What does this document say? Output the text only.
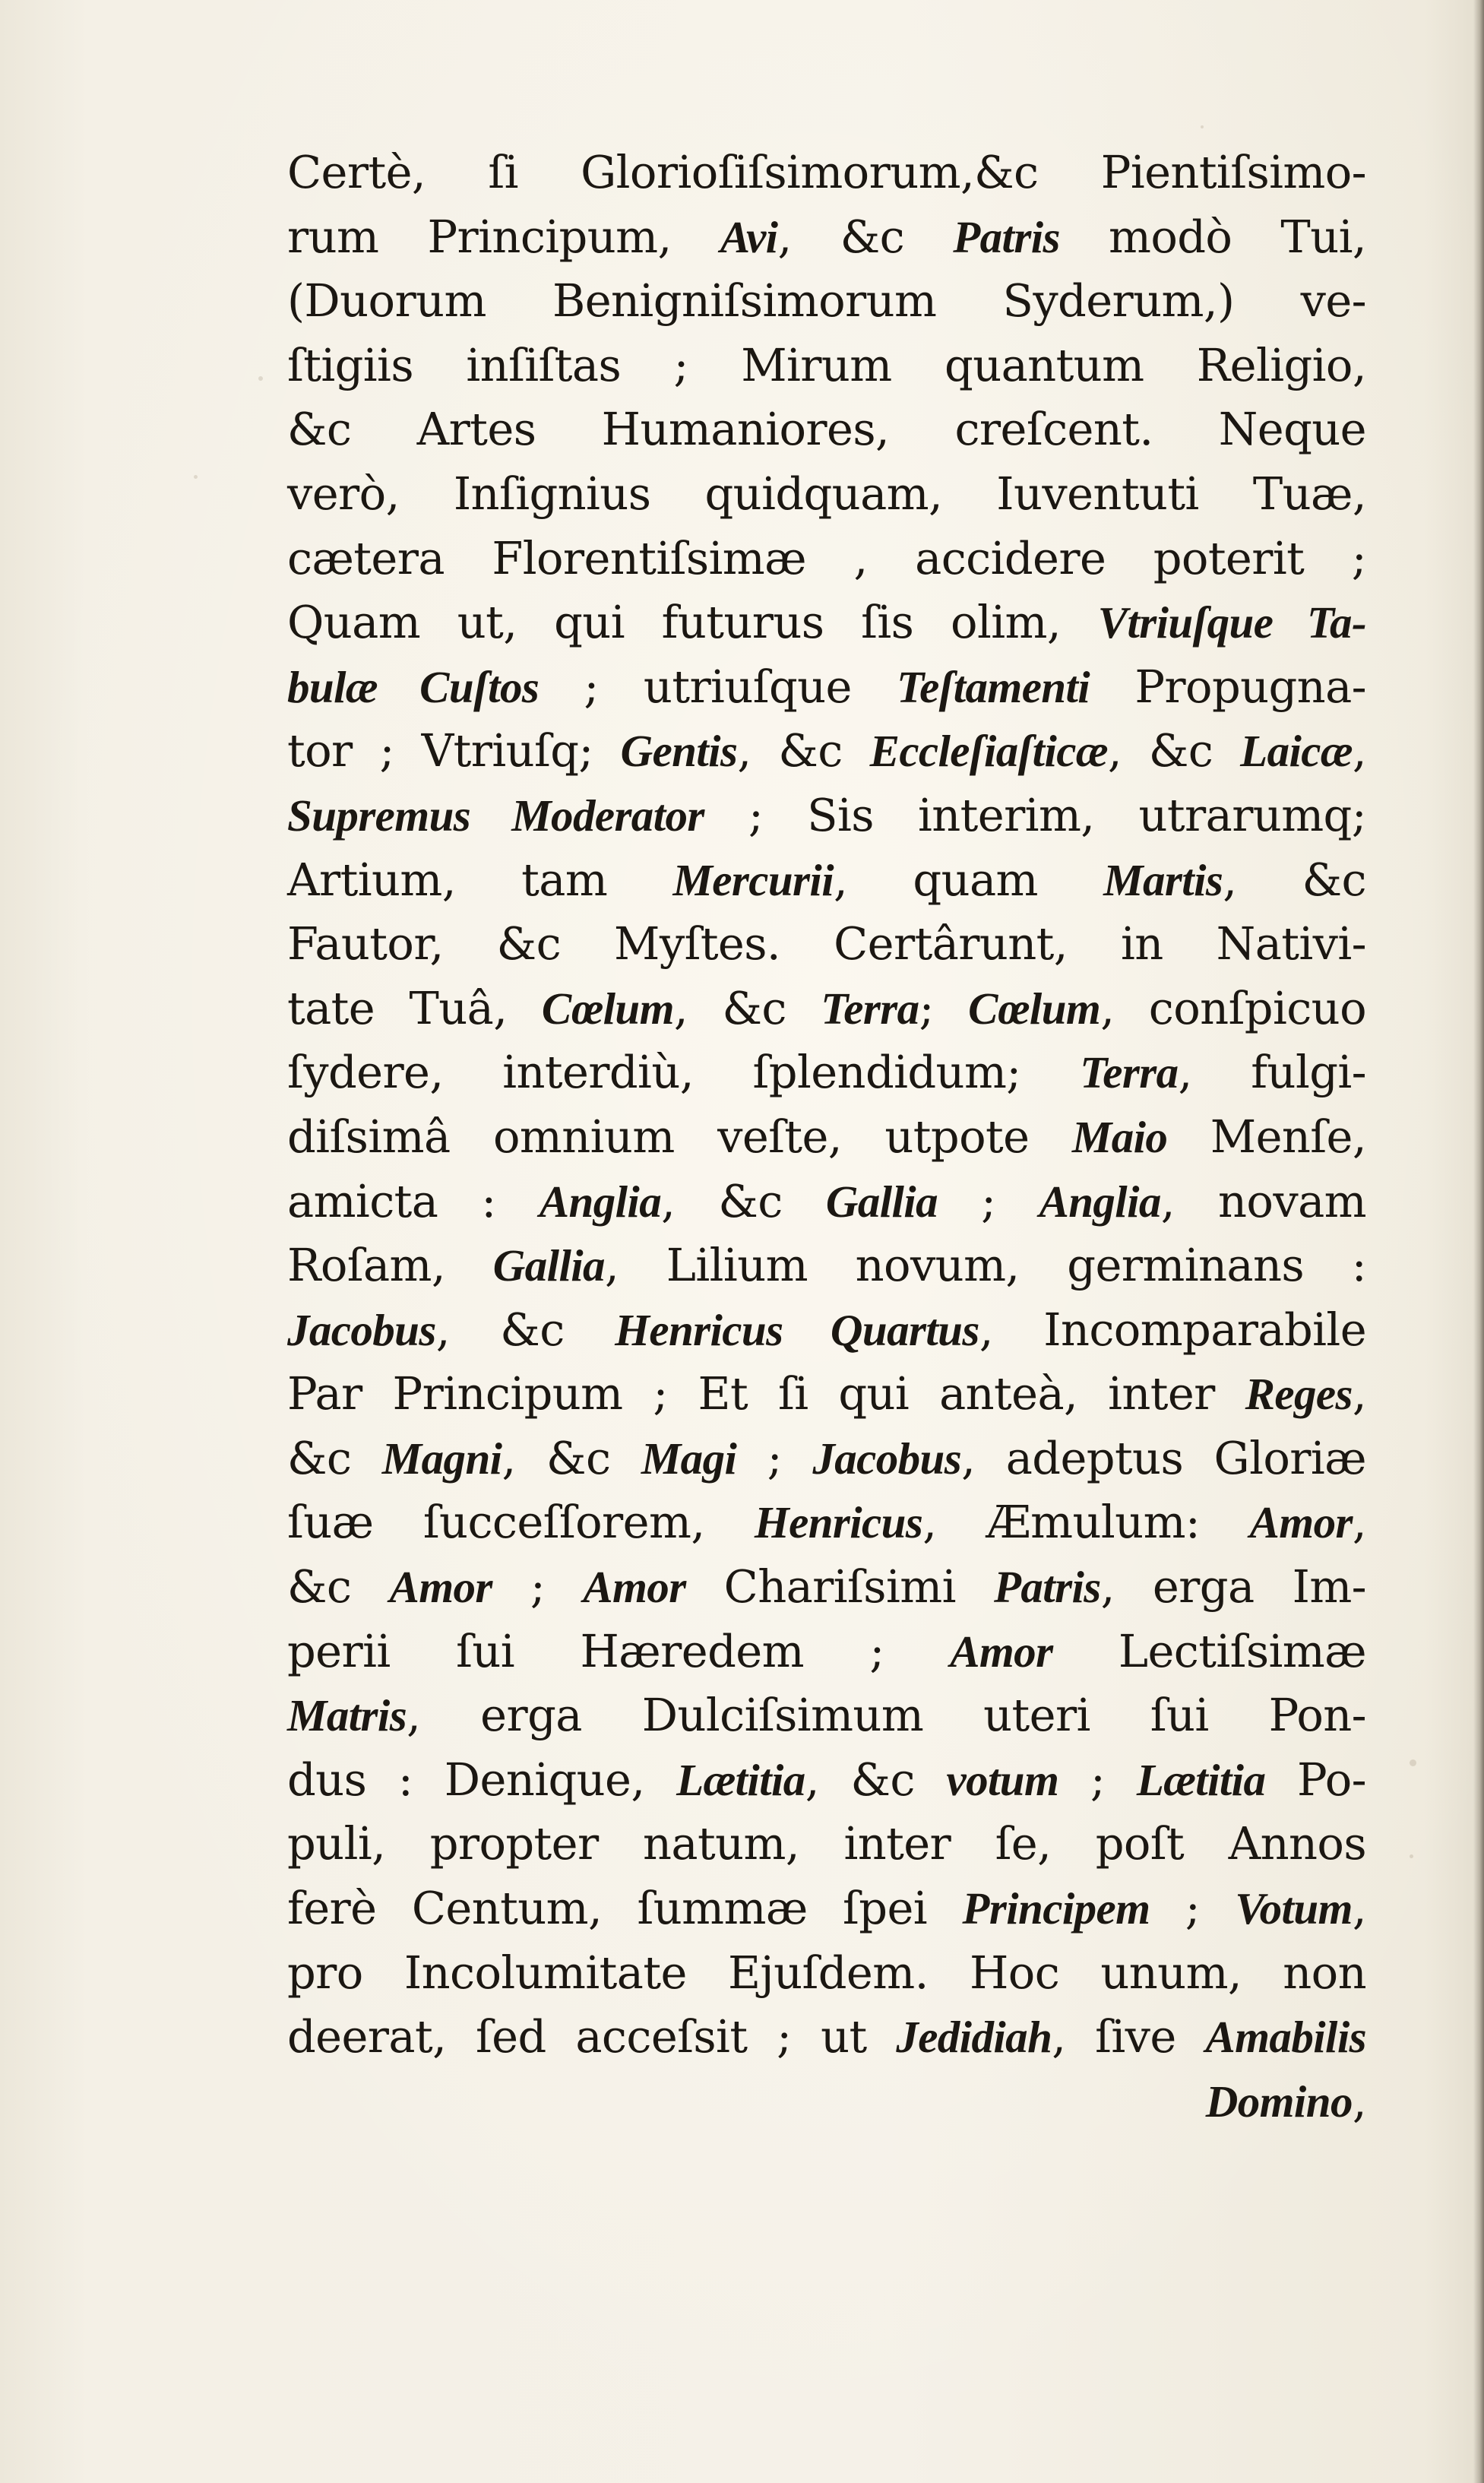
Certè, ſi Glorioſiſsimorum,&c Pientiſsimo-
rum Principum, Avi, &c Patris modò Tui,
(Duorum Benigniſsimorum Syderum,) ve-
ſtigiis inſiſtas ; Mirum quantum Religio,
&c Artes Humaniores, creſcent. Neque
verò, Inſignius quidquam, Iuventuti Tuæ,
cætera Florentiſsimæ , accidere poterit ;
Quam ut, qui futurus ſis olim, Vtriuſque Ta-
bulæ Cuſtos ; utriuſque Teſtamenti Propugna-
tor ; Vtriuſq; Gentis, &c Eccleſiaſticæ, &c Laicæ,
Supremus Moderator ; Sis interim, utrarumq;
Artium, tam Mercurii, quam Martis, &c
Fautor, &c Myſtes. Certârunt, in Nativi-
tate Tuâ, Cœlum, &c Terra; Cœlum, conſpicuo
ſydere, interdiù, ſplendidum; Terra, fulgi-
diſsimâ omnium veſte, utpote Maio Menſe,
amicta : Anglia, &c Gallia ; Anglia, novam
Roſam, Gallia, Lilium novum, germinans :
Jacobus, &c Henricus Quartus, Incomparabile
Par Principum ; Et ſi qui anteà, inter Reges,
&c Magni, &c Magi ; Jacobus, adeptus Gloriæ
ſuæ ſucceſſorem, Henricus, Æmulum: Amor,
&c Amor ; Amor Chariſsimi Patris, erga Im-
perii ſui Hæredem ; Amor Lectiſsimæ
Matris, erga Dulciſsimum uteri ſui Pon-
dus : Denique, Lætitia, &c votum ; Lætitia Po-
puli, propter natum, inter ſe, poſt Annos
ferè Centum, ſummæ ſpei Principem ; Votum,
pro Incolumitate Ejuſdem. Hoc unum, non
deerat, ſed acceſsit ; ut Jedidiah, ſive Amabilis
Domino,
